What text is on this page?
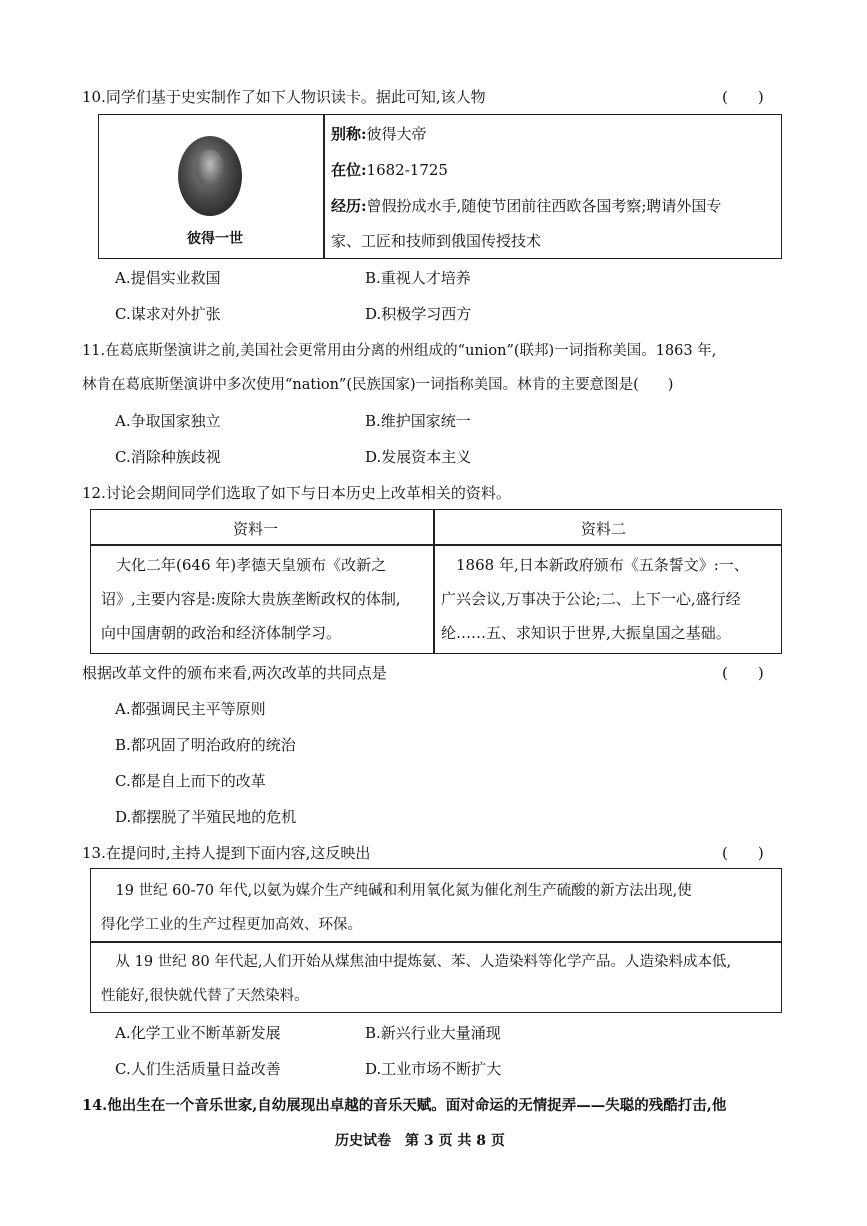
10.同学们基于史实制作了如下人物识读卡。据此可知,该人物	(　　)
彼得一世
别称:彼得大帝
在位:1682-1725
经历:曾假扮成水手,随使节团前往西欧各国考察;聘请外国专
家、工匠和技师到俄国传授技术
A.提倡实业救国	B.重视人才培养
C.谋求对外扩张	D.积极学习西方
11.在葛底斯堡演讲之前,美国社会更常用由分离的州组成的“union”(联邦)一词指称美国。1863 年,
林肯在葛底斯堡演讲中多次使用“nation”(民族国家)一词指称美国。林肯的主要意图是(　　)
A.争取国家独立	B.维护国家统一
C.消除种族歧视	D.发展资本主义
12.讨论会期间同学们选取了如下与日本历史上改革相关的资料。
资料一	资料二
　大化二年(646 年)孝德天皇颁布《改新之
诏》,主要内容是:废除大贵族垄断政权的体制,
向中国唐朝的政治和经济体制学习。
　1868 年,日本新政府颁布《五条誓文》:一、
广兴会议,万事决于公论;二、上下一心,盛行经
纶……五、求知识于世界,大振皇国之基础。
根据改革文件的颁布来看,两次改革的共同点是	(　　)
A.都强调民主平等原则
B.都巩固了明治政府的统治
C.都是自上而下的改革
D.都摆脱了半殖民地的危机
13.在提问时,主持人提到下面内容,这反映出	(　　)
　19 世纪 60-70 年代,以氨为媒介生产纯碱和利用氧化氮为催化剂生产硫酸的新方法出现,使
得化学工业的生产过程更加高效、环保。
　从 19 世纪 80 年代起,人们开始从煤焦油中提炼氨、苯、人造染料等化学产品。人造染料成本低,
性能好,很快就代替了天然染料。
A.化学工业不断革新发展	B.新兴行业大量涌现
C.人们生活质量日益改善	D.工业市场不断扩大
14.他出生在一个音乐世家,自幼展现出卓越的音乐天赋。面对命运的无情捉弄——失聪的残酷打击,他
历史试卷　第 3 页 共 8 页
